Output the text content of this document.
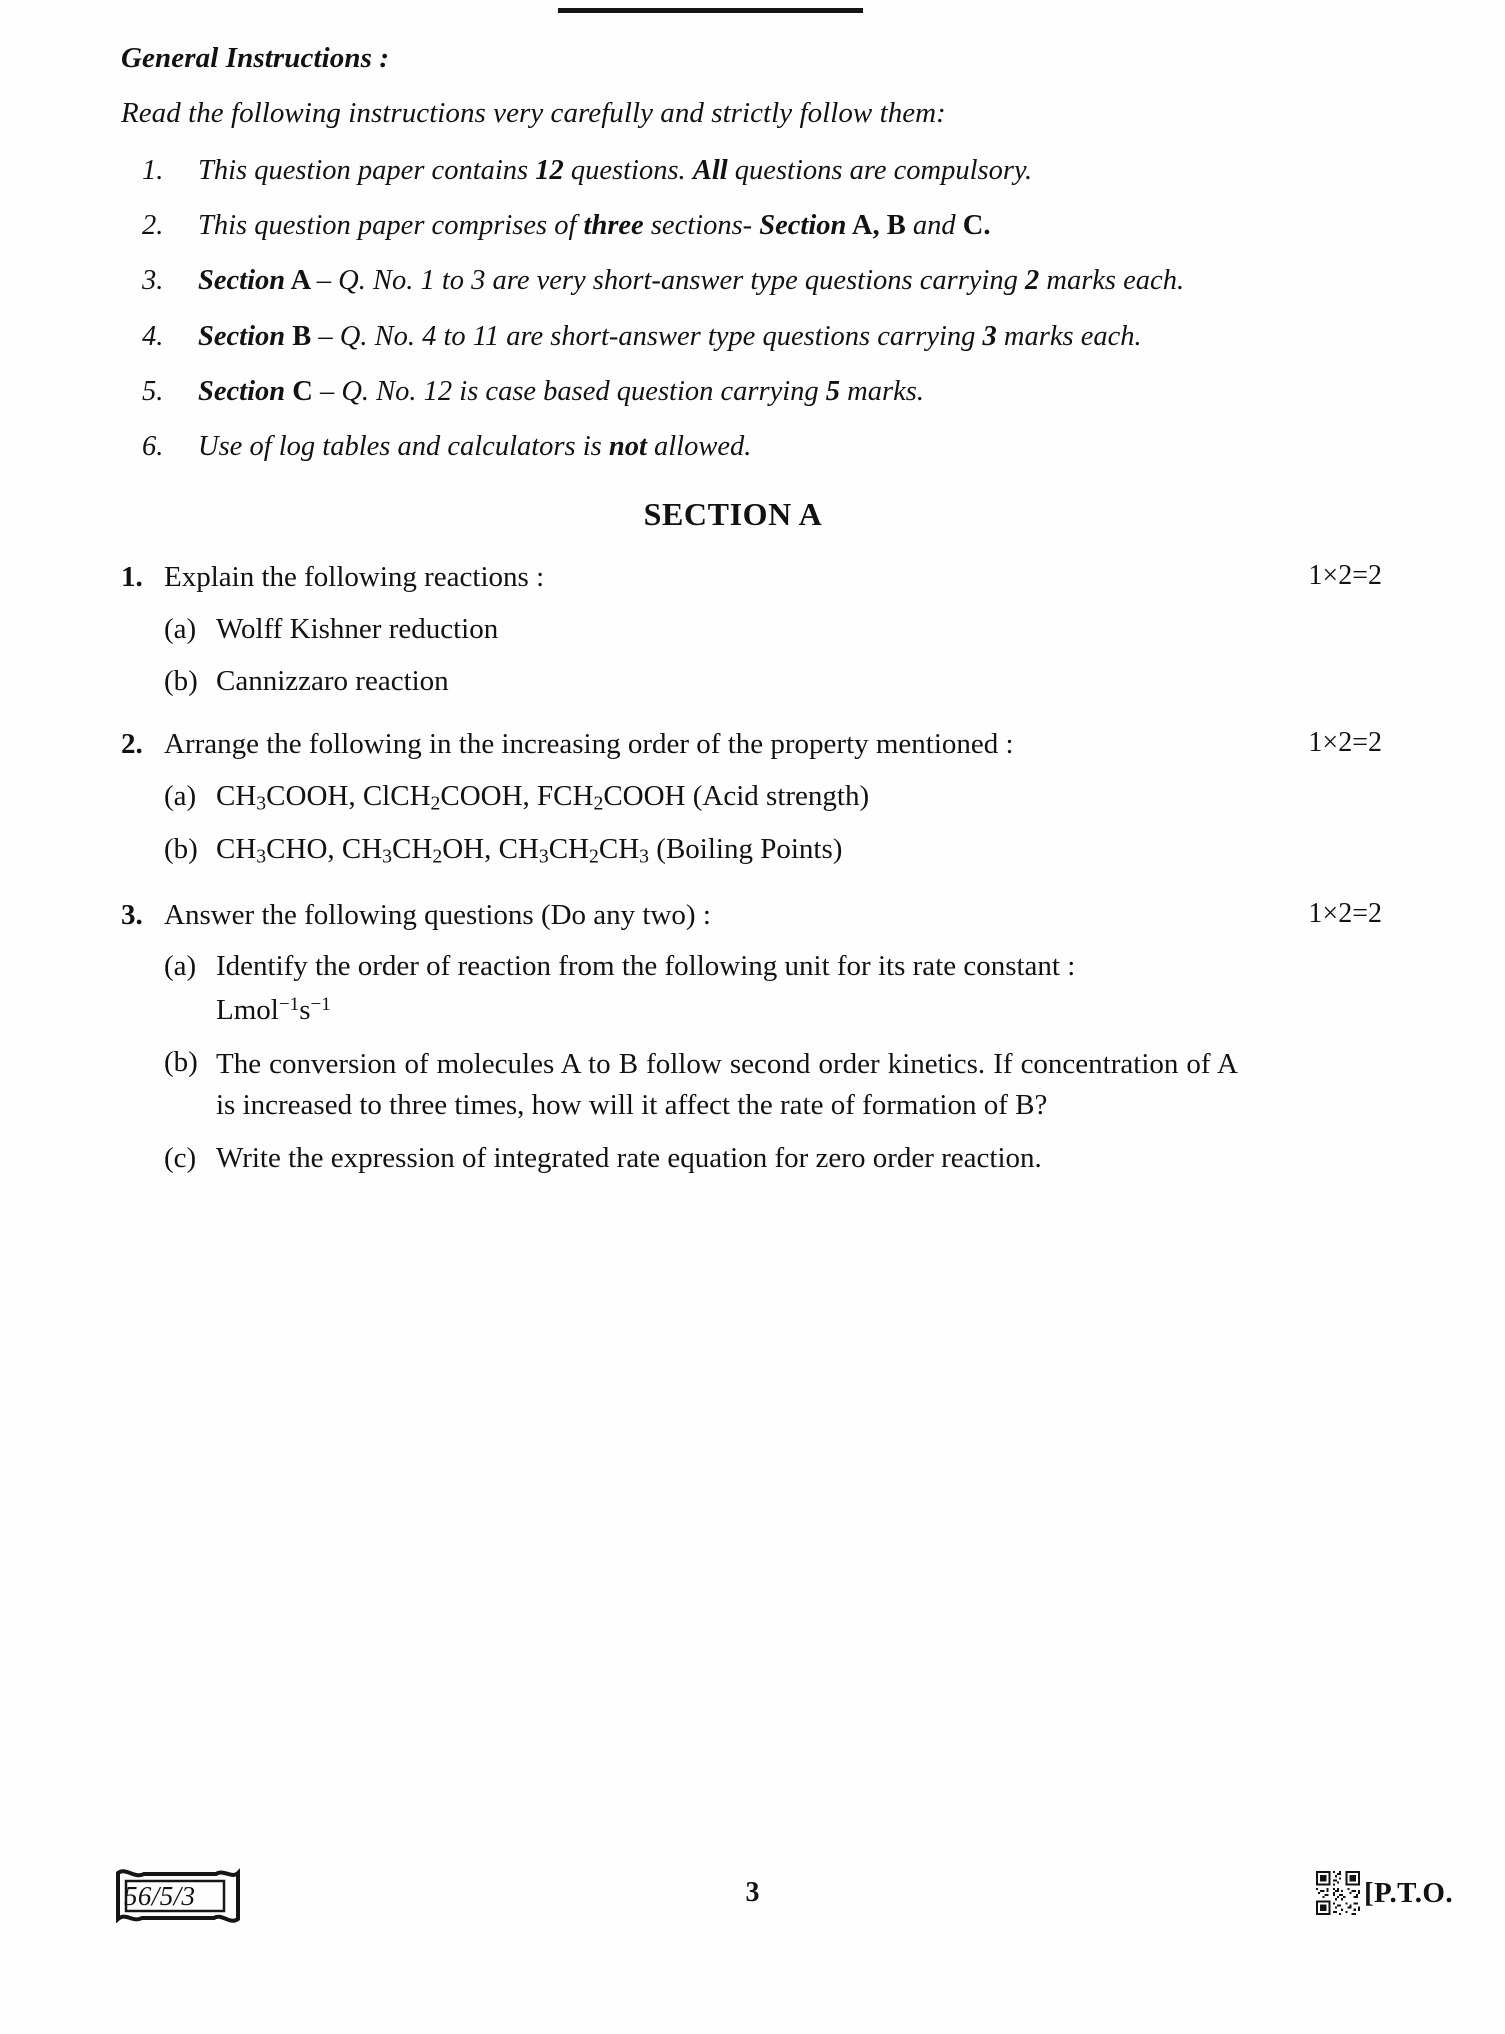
General Instructions :
Read the following instructions very carefully and strictly follow them:
1.	This question paper contains 12 questions. All questions are compulsory.
2.	This question paper comprises of three sections- Section A, B and C.
3.	Section A – Q. No. 1 to 3 are very short-answer type questions carrying 2 marks each.
4.	Section B – Q. No. 4 to 11 are short-answer type questions carrying 3 marks each.
5.	Section C – Q. No. 12 is case based question carrying 5 marks.
6.	Use of log tables and calculators is not allowed.
SECTION A
1. Explain the following reactions :	1×2=2
(a) Wolff Kishner reduction
(b) Cannizzaro reaction
2. Arrange the following in the increasing order of the property mentioned :	1×2=2
(a) $CH_3COOH$, ClCH$_2$COOH, $FCH_2COOH$ (Acid strength)
(b) $CH_3CHO$, $CH_3CH_2OH$, $CH_3CH_2CH_3$ (Boiling Points)
3. Answer the following questions (Do any two) :	1×2=2
(a) Identify the order of reaction from the following unit for its rate constant :
$Lmol^{-1}s^{-1}$
(b) The conversion of molecules A to B follow second order kinetics. If concentration of A is increased to three times, how will it affect the rate of formation of B?
(c) Write the expression of integrated rate equation for zero order reaction.
56/5/3	3	[P.T.O.
